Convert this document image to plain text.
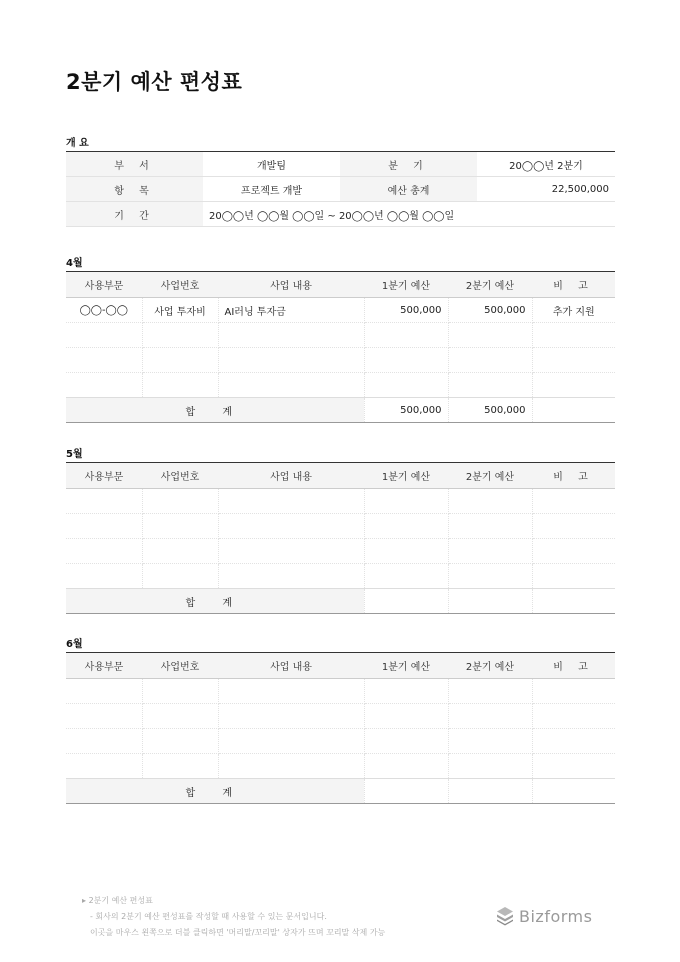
2분기 예산 편성표
개 요
부 서	개발팀	분 기	20◯◯년 2분기
항 목	프로젝트 개발	예산 총계	22,500,000
기 간	20◯◯년 ◯◯월 ◯◯일 ~ 20◯◯년 ◯◯월 ◯◯일		
4월
사용부문	사업번호	사업 내용	1분기 예산	2분기 예산	비 고
◯◯-◯◯	사업 투자비	AI러닝 투자금	500,000	500,000	추가 지원

합 계			500,000	500,000	
5월
사용부문	사업번호	사업 내용	1분기 예산	2분기 예산	비 고

합 계					
6월
사용부문	사업번호	사업 내용	1분기 예산	2분기 예산	비 고

합 계					
▸ 2분기 예산 편성표
- 회사의 2분기 예산 편성표를 작성할 때 사용할 수 있는 문서입니다.
이곳을 마우스 왼쪽으로 더블 클릭하면 '머리말/꼬리말' 상자가 뜨며 꼬리말 삭제 가능
Bizforms
